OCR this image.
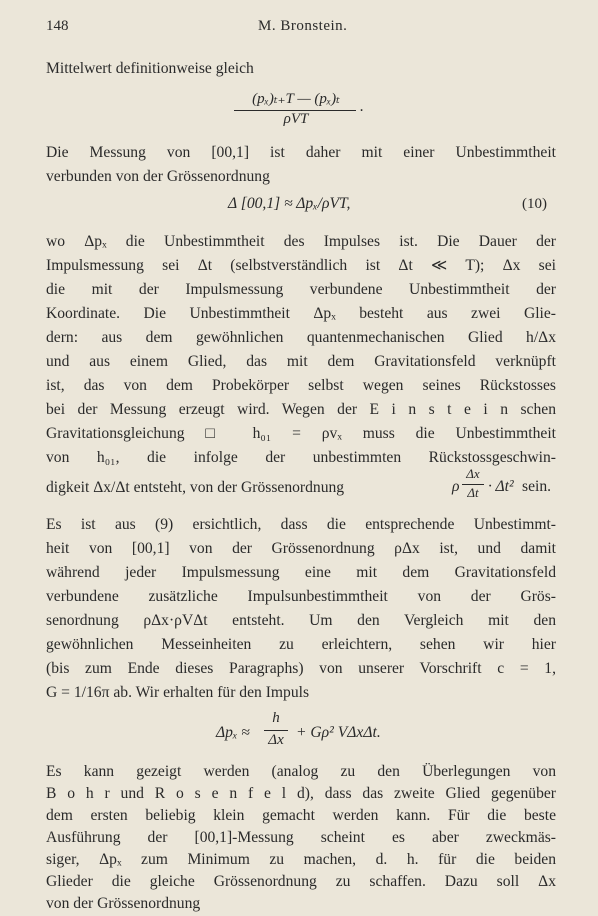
148	M. Bronstein.
Mittelwert definitionweise gleich
(pₓ)ₜ₊T — (pₓ)ₜ
ρVT
.
Die Messung von [00,1] ist daher mit einer Unbestimmtheit
verbunden von der Grössenordnung
Δ [00,1] ≈ Δpₓ/ρVT,	(10)
wo Δpₓ die Unbestimmtheit des Impulses ist. Die Dauer der
Impulsmessung sei Δt (selbstverständlich ist Δt ≪ T); Δx sei
die mit der Impulsmessung verbundene Unbestimmtheit der
Koordinate. Die Unbestimmtheit Δpₓ besteht aus zwei Glie-
dern: aus dem gewöhnlichen quantenmechanischen Glied h/Δx
und aus einem Glied, das mit dem Gravitationsfeld verknüpft
ist, das von dem Probekörper selbst wegen seines Rückstosses
bei der Messung erzeugt wird. Wegen der E i n s t e i n schen
Gravitationsgleichung □ h₀₁ = ρvₓ muss die Unbestimmtheit
von h₀₁, die infolge der unbestimmten Rückstossgeschwin-
digkeit Δx/Δt entsteht, von der Grössenordnung	ρ
Δx
Δt · Δt² sein.
Es ist aus (9) ersichtlich, dass die entsprechende Unbestimmt-
heit von [00,1] von der Grössenordnung ρΔx ist, und damit
während jeder Impulsmessung eine mit dem Gravitationsfeld
verbundene zusätzliche Impulsunbestimmtheit von der Grös-
senordnung ρΔx·ρVΔt entsteht. Um den Vergleich mit den
gewöhnlichen Messeinheiten zu erleichtern, sehen wir hier
(bis zum Ende dieses Paragraphs) von unserer Vorschrift c = 1,
G = 1/16π ab. Wir erhalten für den Impuls
Δpₓ ≈
h
Δx + Gρ² VΔxΔt.
Es kann gezeigt werden (analog zu den Überlegungen von
B o h r und R o s e n f e l d), dass das zweite Glied gegenüber
dem ersten beliebig klein gemacht werden kann. Für die beste
Ausführung der [00,1]-Messung scheint es aber zweckmäs-
siger, Δpₓ zum Minimum zu machen, d. h. für die beiden
Glieder die gleiche Grössenordnung zu schaffen. Dazu soll Δx
von der Grössenordnung
